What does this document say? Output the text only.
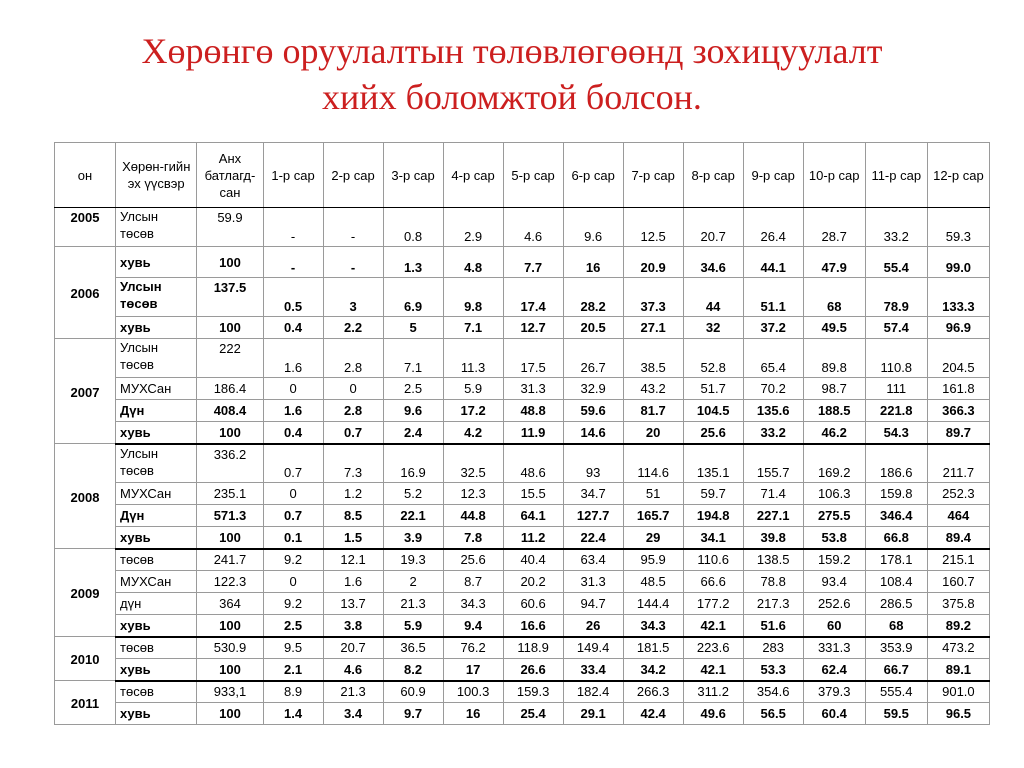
Хөрөнгө оруулалтын төлөвлөгөөнд зохицуулалт
хийх боломжтой болсон.
он	Хөрөн-гийн эх үүсвэр	Анх батлагд-сан	1-р сар	2-р сар	3-р сар	4-р сар	5-р сар	6-р сар	7-р сар	8-р сар	9-р сар	10-р сар	11-р сар	12-р сар
2005	Улсын төсөв	59.9	-	-	0.8	2.9	4.6	9.6	12.5	20.7	26.4	28.7	33.2	59.3
2006	хувь	100	-	-	1.3	4.8	7.7	16	20.9	34.6	44.1	47.9	55.4	99.0
	Улсын төсөв	137.5	0.5	3	6.9	9.8	17.4	28.2	37.3	44	51.1	68	78.9	133.3
	хувь	100	0.4	2.2	5	7.1	12.7	20.5	27.1	32	37.2	49.5	57.4	96.9
2007	Улсын төсөв	222	1.6	2.8	7.1	11.3	17.5	26.7	38.5	52.8	65.4	89.8	110.8	204.5
	МУХСан	186.4	0	0	2.5	5.9	31.3	32.9	43.2	51.7	70.2	98.7	111	161.8
	Дүн	408.4	1.6	2.8	9.6	17.2	48.8	59.6	81.7	104.5	135.6	188.5	221.8	366.3
	хувь	100	0.4	0.7	2.4	4.2	11.9	14.6	20	25.6	33.2	46.2	54.3	89.7
2008	Улсын төсөв	336.2	0.7	7.3	16.9	32.5	48.6	93	114.6	135.1	155.7	169.2	186.6	211.7
	МУХСан	235.1	0	1.2	5.2	12.3	15.5	34.7	51	59.7	71.4	106.3	159.8	252.3
	Дүн	571.3	0.7	8.5	22.1	44.8	64.1	127.7	165.7	194.8	227.1	275.5	346.4	464
	хувь	100	0.1	1.5	3.9	7.8	11.2	22.4	29	34.1	39.8	53.8	66.8	89.4
2009	төсөв	241.7	9.2	12.1	19.3	25.6	40.4	63.4	95.9	110.6	138.5	159.2	178.1	215.1
	МУХСан	122.3	0	1.6	2	8.7	20.2	31.3	48.5	66.6	78.8	93.4	108.4	160.7
	дүн	364	9.2	13.7	21.3	34.3	60.6	94.7	144.4	177.2	217.3	252.6	286.5	375.8
	хувь	100	2.5	3.8	5.9	9.4	16.6	26	34.3	42.1	51.6	60	68	89.2
2010	төсөв	530.9	9.5	20.7	36.5	76.2	118.9	149.4	181.5	223.6	283	331.3	353.9	473.2
	хувь	100	2.1	4.6	8.2	17	26.6	33.4	34.2	42.1	53.3	62.4	66.7	89.1
2011	төсөв	933,1	8.9	21.3	60.9	100.3	159.3	182.4	266.3	311.2	354.6	379.3	555.4	901.0
	хувь	100	1.4	3.4	9.7	16	25.4	29.1	42.4	49.6	56.5	60.4	59.5	96.5
